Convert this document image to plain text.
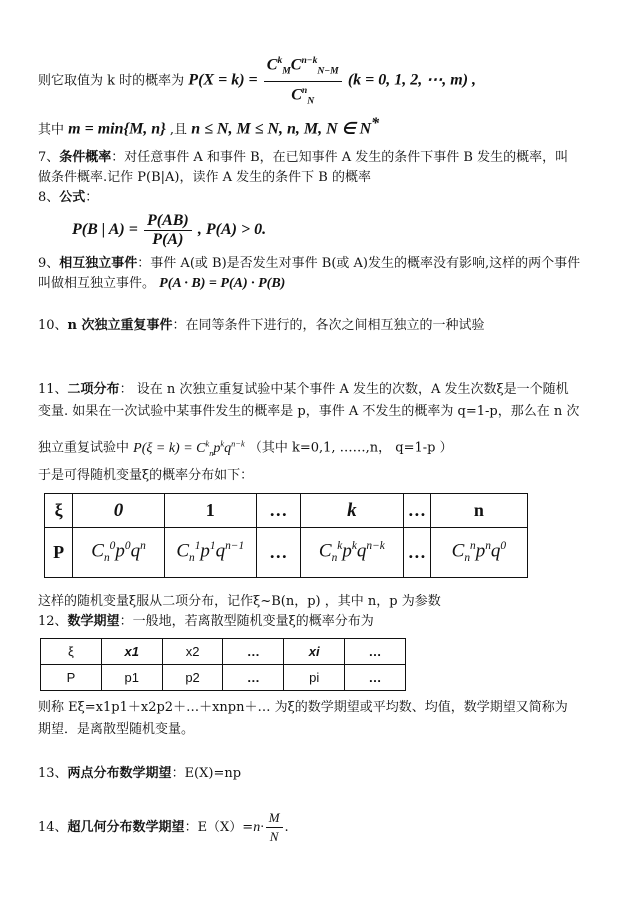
则它取值为 k 时的概率为 $P(X = k) = \frac{C^k_MC^{n-k}_{N-M}}{C^n_N} (k = 0$, 1, 2, ⋯, m) ,
其中 m = min{M, n} ,且 n ≤ N, M ≤ N, n, M, N ∈ N*
7、条件概率：对任意事件 A 和事件 B，在已知事件 A 发生的条件下事件 B 发生的概率，叫
做条件概率.记作 P(B|A)，读作 A 发生的条件下 B 的概率
8、公式：
P(B | $A) = \frac{P(AB)}{P(A)}$ , P(A) > 0.
9、相互独立事件：事件 A(或 B)是否发生对事件 B(或 A)发生的概率没有影响,这样的两个事件
叫做相互独立事件。 P(A · B) = P(A) · P(B)
10、n 次独立重复事件：在同等条件下进行的，各次之间相互独立的一种试验
11、二项分布： 设在 n 次独立重复试验中某个事件 A 发生的次数，A 发生次数ξ是一个随机
变量. 如果在一次试验中某事件发生的概率是 p，事件 A 不发生的概率为 q=1-p，那么在 n 次
独立重复试验中 $P(\xi = k) = C^k_np^kq^{n-k}$ （其中 k=0,1, ……,n， q=1-p ）
于是可得随机变量ξ的概率分布如下：
ξ	0	1	…	k	…	n
P	$C_n^0p^0q^n$	$C_n^1p^1q^{n-1}$	…	$C_n^kp^kq^{n-k}$	…	$C_n^np^nq^0$
这样的随机变量ξ服从二项分布，记作ξ~B(n，p) ，其中 n，p 为参数
12、数学期望：一般地，若离散型随机变量ξ的概率分布为
ξ	x1	x2	…	xi	…
P	p1	p2	…	pi	…
则称 Eξ=x1p1＋x2p2＋…＋xnpn＋… 为ξ的数学期望或平均数、均值，数学期望又简称为
期望．是离散型随机变量。
13、两点分布数学期望：E(X)=np
14、超几何分布数学期望：$E(X)=n\cdot \frac{M}{N}$ .
